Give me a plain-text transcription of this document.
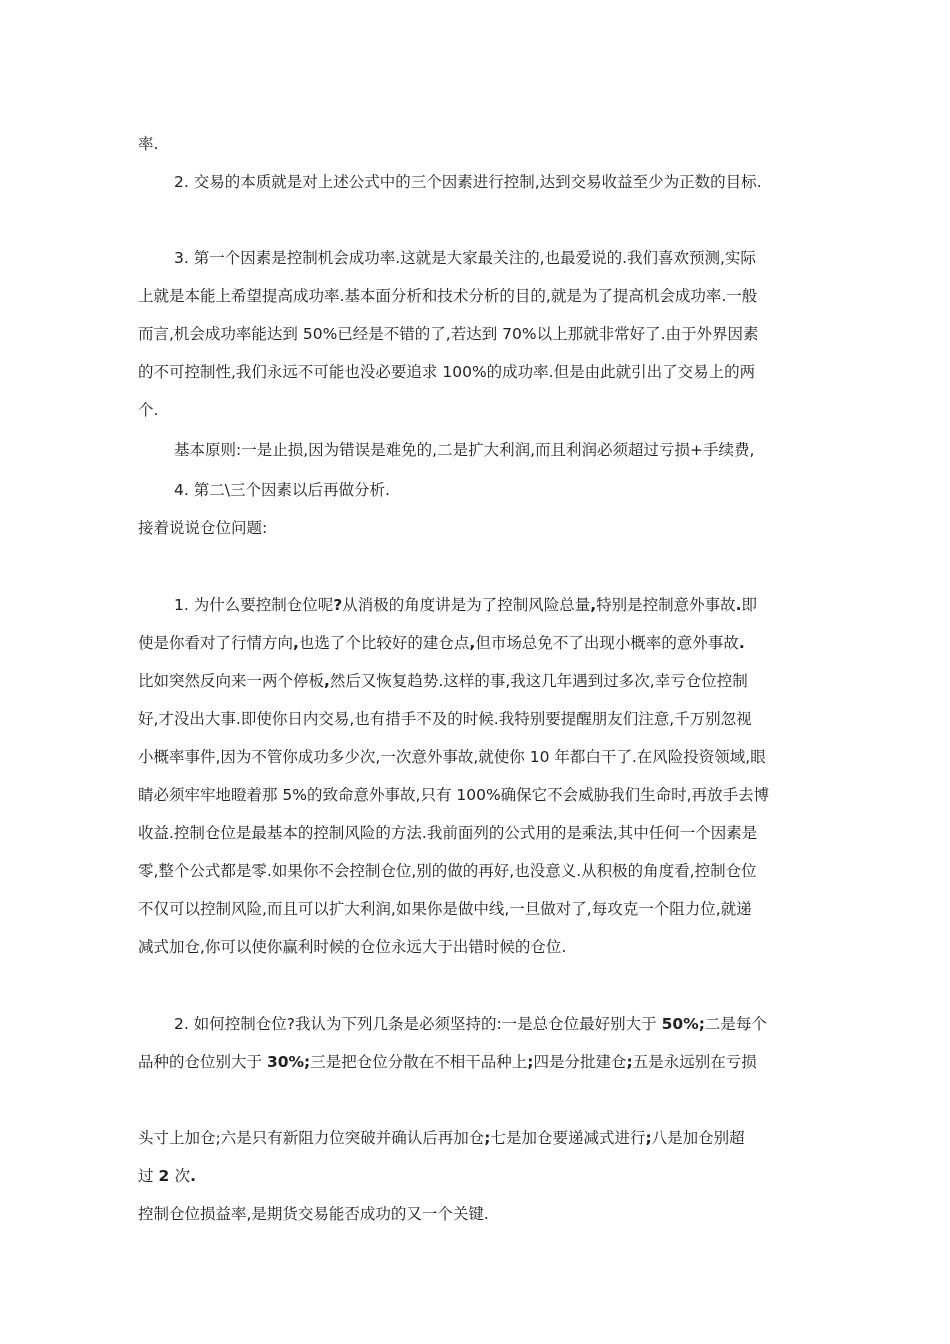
率.
2. 交易的本质就是对上述公式中的三个因素进行控制,达到交易收益至少为正数的目标.
3. 第一个因素是控制机会成功率.这就是大家最关注的,也最爱说的.我们喜欢预测,实际
上就是本能上希望提高成功率.基本面分析和技术分析的目的,就是为了提高机会成功率.一般
而言,机会成功率能达到 50%已经是不错的了,若达到 70%以上那就非常好了.由于外界因素
的不可控制性,我们永远不可能也没必要追求 100%的成功率.但是由此就引出了交易上的两
个.
基本原则:一是止损,因为错误是难免的,二是扩大利润,而且利润必须超过亏损+手续费,
4. 第二\三个因素以后再做分析.
接着说说仓位问题:
1. 为什么要控制仓位呢?从消极的角度讲是为了控制风险总量,特别是控制意外事故.即
使是你看对了行情方向,也选了个比较好的建仓点,但市场总免不了出现小概率的意外事故.
比如突然反向来一两个停板,然后又恢复趋势.这样的事,我这几年遇到过多次,幸亏仓位控制
好,才没出大事.即使你日内交易,也有措手不及的时候.我特别要提醒朋友们注意,千万别忽视
小概率事件,因为不管你成功多少次,一次意外事故,就使你 10 年都白干了.在风险投资领域,眼
睛必须牢牢地瞪着那 5%的致命意外事故,只有 100%确保它不会威胁我们生命时,再放手去博
收益.控制仓位是最基本的控制风险的方法.我前面列的公式用的是乘法,其中任何一个因素是
零,整个公式都是零.如果你不会控制仓位,别的做的再好,也没意义.从积极的角度看,控制仓位
不仅可以控制风险,而且可以扩大利润,如果你是做中线,一旦做对了,每攻克一个阻力位,就递
减式加仓,你可以使你赢利时候的仓位永远大于出错时候的仓位.
2. 如何控制仓位?我认为下列几条是必须坚持的:一是总仓位最好别大于 50%;二是每个
品种的仓位别大于 30%;三是把仓位分散在不相干品种上;四是分批建仓;五是永远别在亏损
头寸上加仓;六是只有新阻力位突破并确认后再加仓;七是加仓要递减式进行;八是加仓别超
过 2 次.
控制仓位损益率,是期货交易能否成功的又一个关键.
